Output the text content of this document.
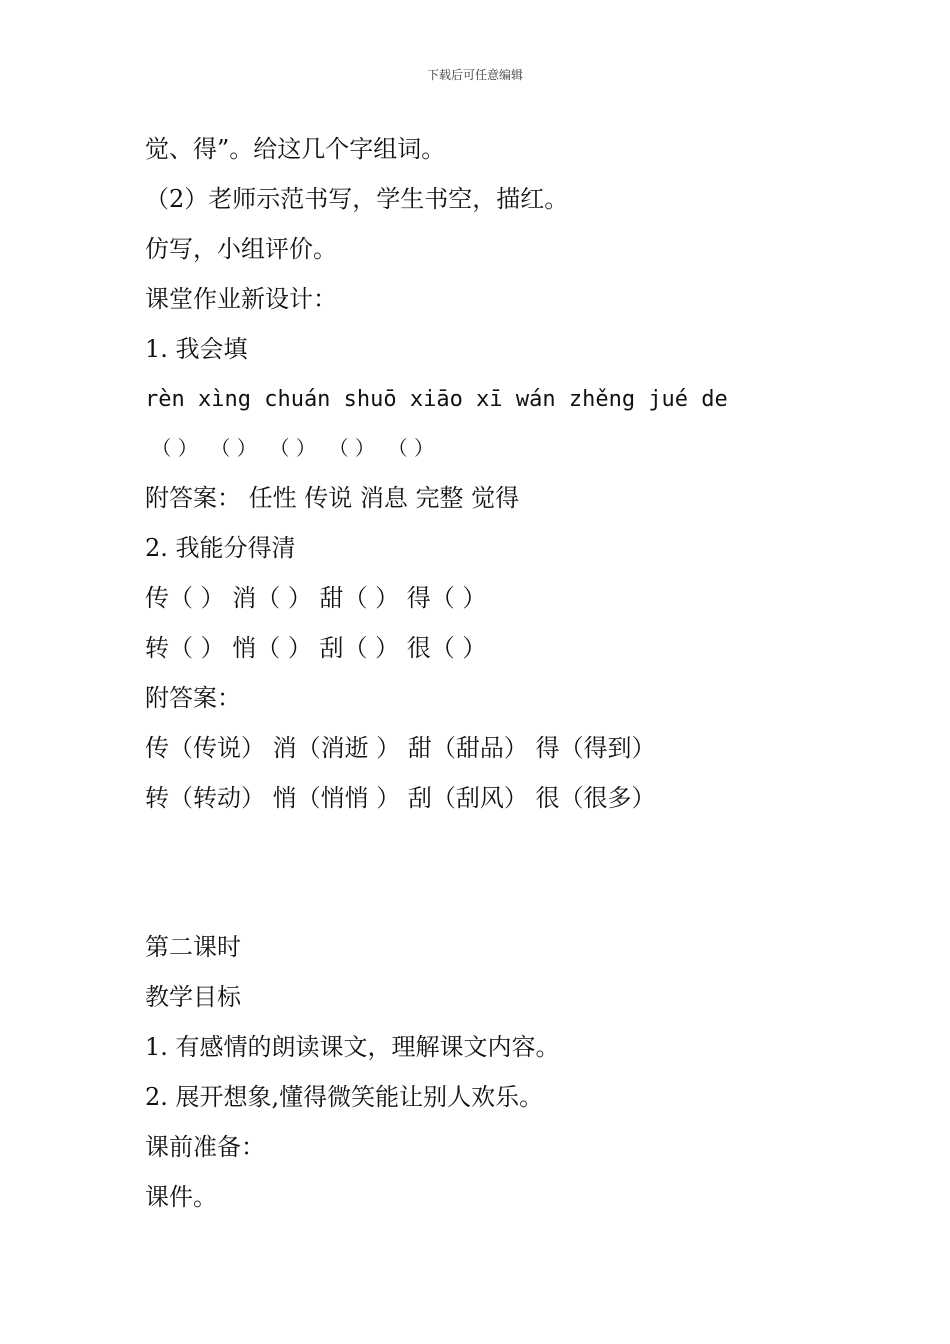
下载后可任意编辑
觉、得”。给这几个字组词。
（2）老师示范书写，学生书空，描红。
仿写，小组评价。
课堂作业新设计：
1. 我会填
rèn xìng chuán shuō xiāo xī wán zhěng jué de
（ ）  （ ）  （ ）  （ ）  （ ）
附答案： 任性 传说 消息 完整 觉得
2. 我能分得清
传（ ） 消（ ） 甜（ ） 得（ ）
转（ ） 悄（ ） 刮（ ） 很（ ）
附答案：
传（传说） 消（消逝 ） 甜（甜品） 得（得到）
转（转动） 悄（悄悄 ） 刮（刮风） 很（很多）
第二课时
教学目标
1. 有感情的朗读课文，理解课文内容。
2. 展开想象,懂得微笑能让别人欢乐。
课前准备：
课件。
